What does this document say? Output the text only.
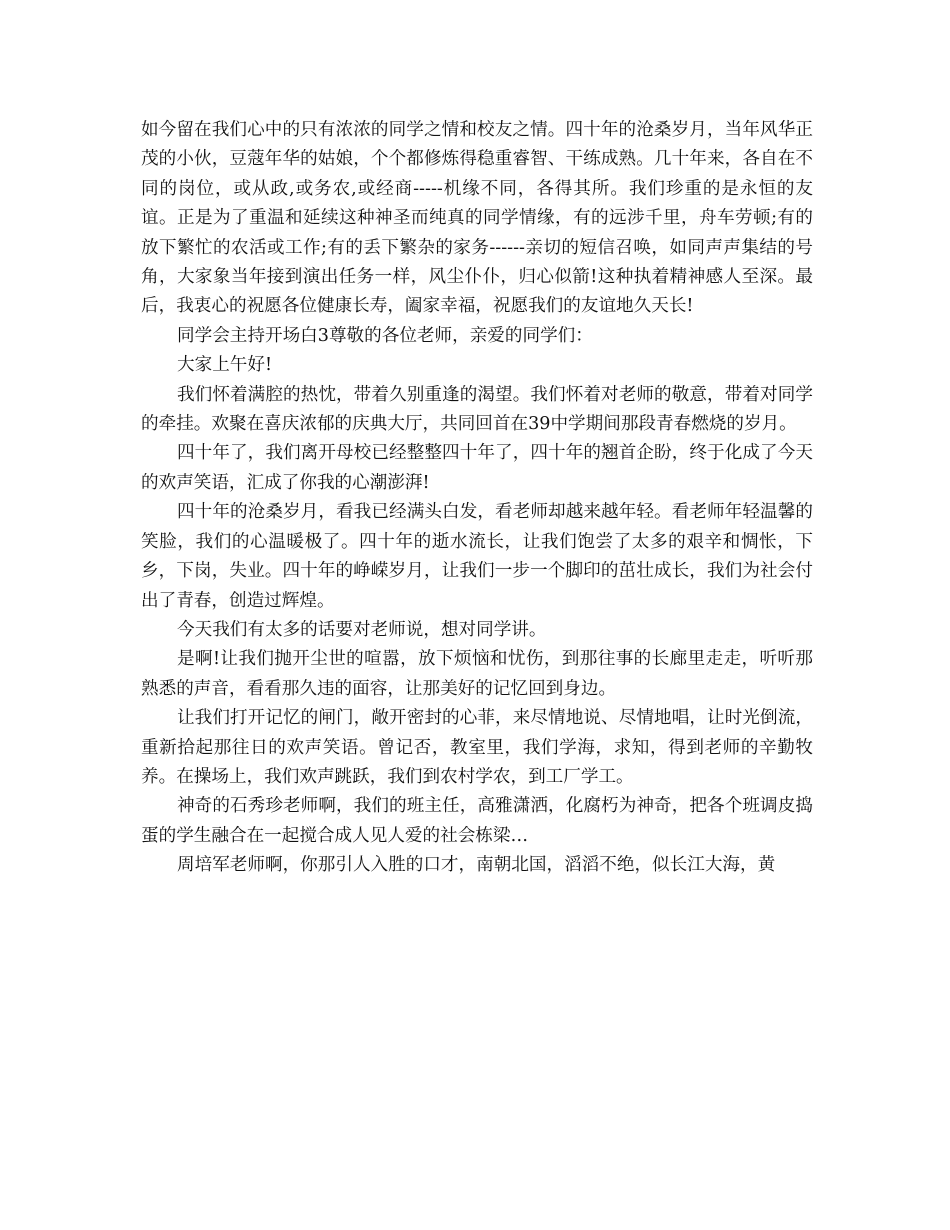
如今留在我们心中的只有浓浓的同学之情和校友之情。四十年的沧桑岁月，当年风华正茂的小伙，豆蔻年华的姑娘，个个都修炼得稳重睿智、干练成熟。几十年来，各自在不同的岗位，或从政,或务农,或经商-----机缘不同，各得其所。我们珍重的是永恒的友谊。正是为了重温和延续这种神圣而纯真的同学情缘，有的远涉千里，舟车劳顿;有的放下繁忙的农活或工作;有的丢下繁杂的家务------亲切的短信召唤，如同声声集结的号角，大家象当年接到演出任务一样，风尘仆仆，归心似箭!这种执着精神感人至深。最后，我衷心的祝愿各位健康长寿，阖家幸福，祝愿我们的友谊地久天长!

同学会主持开场白3尊敬的各位老师，亲爱的同学们：

大家上午好!

我们怀着满腔的热忱，带着久别重逢的渴望。我们怀着对老师的敬意，带着对同学的牵挂。欢聚在喜庆浓郁的庆典大厅，共同回首在39中学期间那段青春燃烧的岁月。

四十年了，我们离开母校已经整整四十年了，四十年的翘首企盼，终于化成了今天的欢声笑语，汇成了你我的心潮澎湃!

四十年的沧桑岁月，看我已经满头白发，看老师却越来越年轻。看老师年轻温馨的笑脸，我们的心温暖极了。四十年的逝水流长，让我们饱尝了太多的艰辛和惆怅，下乡，下岗，失业。四十年的峥嵘岁月，让我们一步一个脚印的茁壮成长，我们为社会付出了青春，创造过辉煌。

今天我们有太多的话要对老师说，想对同学讲。

是啊!让我们抛开尘世的喧嚣，放下烦恼和忧伤，到那往事的长廊里走走，听听那熟悉的声音，看看那久违的面容，让那美好的记忆回到身边。

让我们打开记忆的闸门，敞开密封的心菲，来尽情地说、尽情地唱，让时光倒流，重新拾起那往日的欢声笑语。曾记否，教室里，我们学海，求知，得到老师的辛勤牧养。在操场上，我们欢声跳跃，我们到农村学农，到工厂学工。

神奇的石秀珍老师啊，我们的班主任，高雅潇洒，化腐朽为神奇，把各个班调皮捣蛋的学生融合在一起搅合成人见人爱的社会栋梁…

周培军老师啊，你那引人入胜的口才，南朝北国，滔滔不绝，似长江大海，黄
